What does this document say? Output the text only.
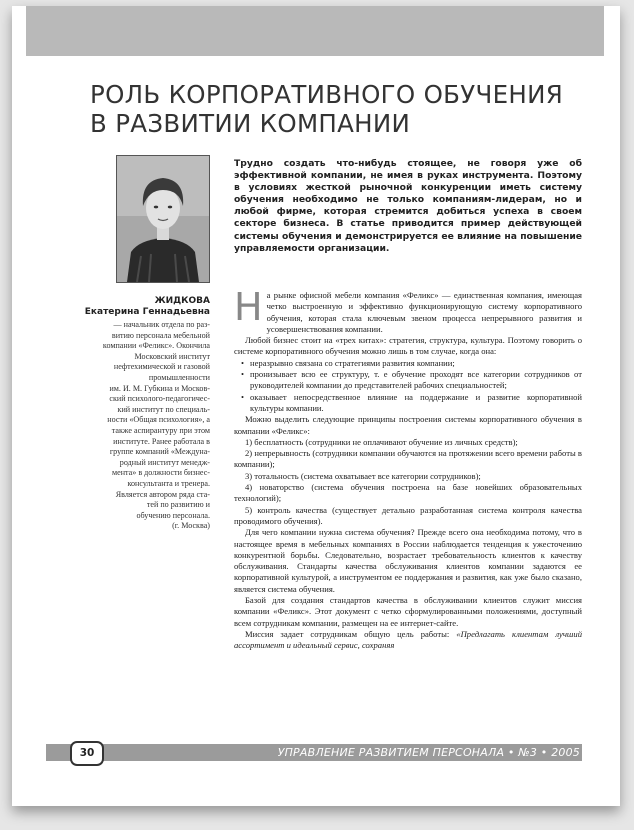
РОЛЬ КОРПОРАТИВНОГО ОБУЧЕНИЯ
В РАЗВИТИИ КОМПАНИИ

Трудно создать что-нибудь стоящее, не говоря уже об эффективной компании, не имея в руках инструмента. Поэтому в условиях жесткой рыночной конкуренции иметь систему обучения необходимо не только компаниям-лидерам, но и любой фирме, которая стремится добиться успеха в своем секторе бизнеса. В статье приводится пример действующей системы обучения и демонстрируется ее влияние на повышение управляемости организации.

ЖИДКОВА
Екатерина Геннадьевна
— начальник отдела по раз-
витию персонала мебельной
компании «Феликс». Окончила
Московский институт
нефтехимической и газовой
промышленности
им. И. М. Губкина и Москов-
ский психолого-педагогичес-
кий институт по специаль-
ности «Общая психология», а
также аспирантуру при этом
институте. Ранее работала в
группе компаний «Междуна-
родный институт менедж-
мента» в должности бизнес-
консультанта и тренера.
Является автором ряда ста-
тей по развитию и
обучению персонала.
(г. Москва)

На рынке офисной мебели компания «Феликс» — единственная компания, имеющая четко выстроенную и эффективно функционирующую систему корпоративного обучения, которая стала ключевым звеном процесса непрерывного развития и усовершенствования компании.

Любой бизнес стоит на «трех китах»: стратегия, структура, культура. Поэтому говорить о системе корпоративного обучения можно лишь в том случае, когда она:

• неразрывно связана со стратегиями развития компании;
• пронизывает всю ее структуру, т. е обучение проходят все категории сотрудников от руководителей компании до представителей рабочих специальностей;
• оказывает непосредственное влияние на поддержание и развитие корпоративной культуры компании.

Можно выделить следующие принципы построения системы корпоративного обучения в компании «Феликс»:

1) бесплатность (сотрудники не оплачивают обучение из личных средств);

2) непрерывность (сотрудники компании обучаются на протяжении всего времени работы в компании);

3) тотальность (система охватывает все категории сотрудников);

4) новаторство (система обучения построена на базе новейших образовательных технологий);

5) контроль качества (существует детально разработанная система контроля качества проводимого обучения).

Для чего компании нужна система обучения? Прежде всего она необходима потому, что в настоящее время в мебельных компаниях в России наблюдается тенденция к ужесточению конкурентной борьбы. Следовательно, возрастает требовательность клиентов к качеству обслуживания. Стандарты качества обслуживания клиентов компании задаются ее корпоративной культурой, а инструментом ее поддержания и развития, как уже было сказано, является система обучения.

Базой для создания стандартов качества в обслуживании клиентов служит миссия компании «Феликс». Этот документ с четко сформулированными положениями, доступный всем сотрудникам компании, размещен на ее интернет-сайте.

Миссия задает сотрудникам общую цель работы: «Предлагать клиентам лучший ассортимент и идеальный сервис, сохраняя

30	УПРАВЛЕНИЕ РАЗВИТИЕМ ПЕРСОНАЛА • №3 • 2005
